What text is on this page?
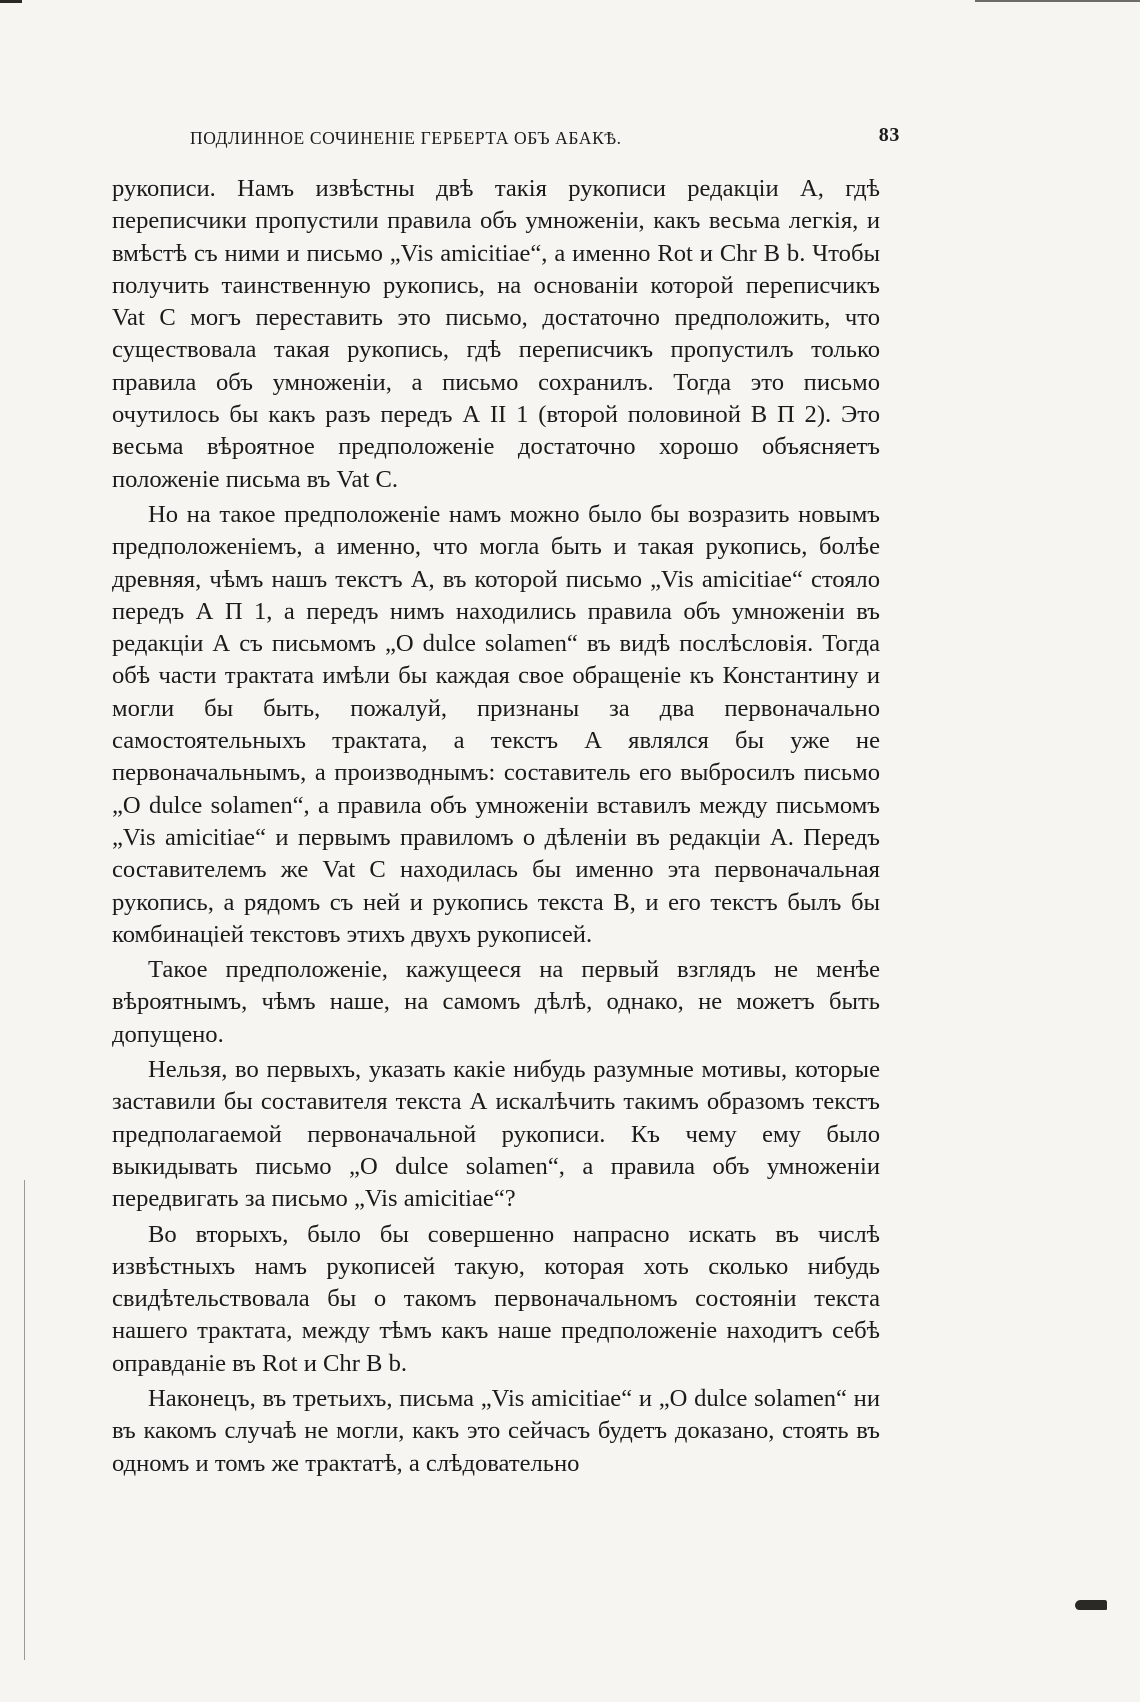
ПОДЛИННОЕ СОЧИНЕНІЕ ГЕРБЕРТА ОБЪ АБАКѢ.	83

рукописи. Намъ извѣстны двѣ такія рукописи редакціи А, гдѣ переписчики пропустили правила объ умноженіи, какъ весьма легкія, и вмѣстѣ съ ними и письмо „Vis amicitiae“, а именно Rot и Chr B b. Чтобы получить таинственную рукопись, на основаніи которой переписчикъ Vat C могъ переставить это письмо, достаточно предположить, что существовала такая рукопись, гдѣ переписчикъ пропустилъ только правила объ умноженіи, а письмо сохранилъ. Тогда это письмо очутилось бы какъ разъ передъ А II 1 (второй половиной В П 2). Это весьма вѣроятное предположеніе достаточно хорошо объясняетъ положеніе письма въ Vat C.

Но на такое предположеніе намъ можно было бы возразить новымъ предположеніемъ, а именно, что могла быть и такая рукопись, болѣе древняя, чѣмъ нашъ текстъ А, въ которой письмо „Vis amicitiae“ стояло передъ А П 1, а передъ нимъ находились правила объ умноженіи въ редакціи А съ письмомъ „O dulce solamen“ въ видѣ послѣсловія. Тогда обѣ части трактата имѣли бы каждая свое обращеніе къ Константину и могли бы быть, пожалуй, признаны за два первоначально самостоятельныхъ трактата, а текстъ А являлся бы уже не первоначальнымъ, а производнымъ: составитель его выбросилъ письмо „O dulce solamen“, а правила объ умноженіи вставилъ между письмомъ „Vis amicitiae“ и первымъ правиломъ о дѣленіи въ редакціи А. Передъ составителемъ же Vat C находилась бы именно эта первоначальная рукопись, а рядомъ съ ней и рукопись текста В, и его текстъ былъ бы комбинаціей текстовъ этихъ двухъ рукописей.

Такое предположеніе, кажущееся на первый взглядъ не менѣе вѣроятнымъ, чѣмъ наше, на самомъ дѣлѣ, однако, не можетъ быть допущено.

Нельзя, во первыхъ, указать какіе нибудь разумные мотивы, которые заставили бы составителя текста А искалѣчить такимъ образомъ текстъ предполагаемой первоначальной рукописи. Къ чему ему было выкидывать письмо „O dulce solamen“, а правила объ умноженіи передвигать за письмо „Vis amicitiae“?

Во вторыхъ, было бы совершенно напрасно искать въ числѣ извѣстныхъ намъ рукописей такую, которая хоть сколько нибудь свидѣтельствовала бы о такомъ первоначальномъ состояніи текста нашего трактата, между тѣмъ какъ наше предположеніе находитъ себѣ оправданіе въ Rot и Chr B b.

Наконецъ, въ третьихъ, письма „Vis amicitiae“ и „O dulce solamen“ ни въ какомъ случаѣ не могли, какъ это сейчасъ будетъ доказано, стоять въ одномъ и томъ же трактатѣ, а слѣдовательно
